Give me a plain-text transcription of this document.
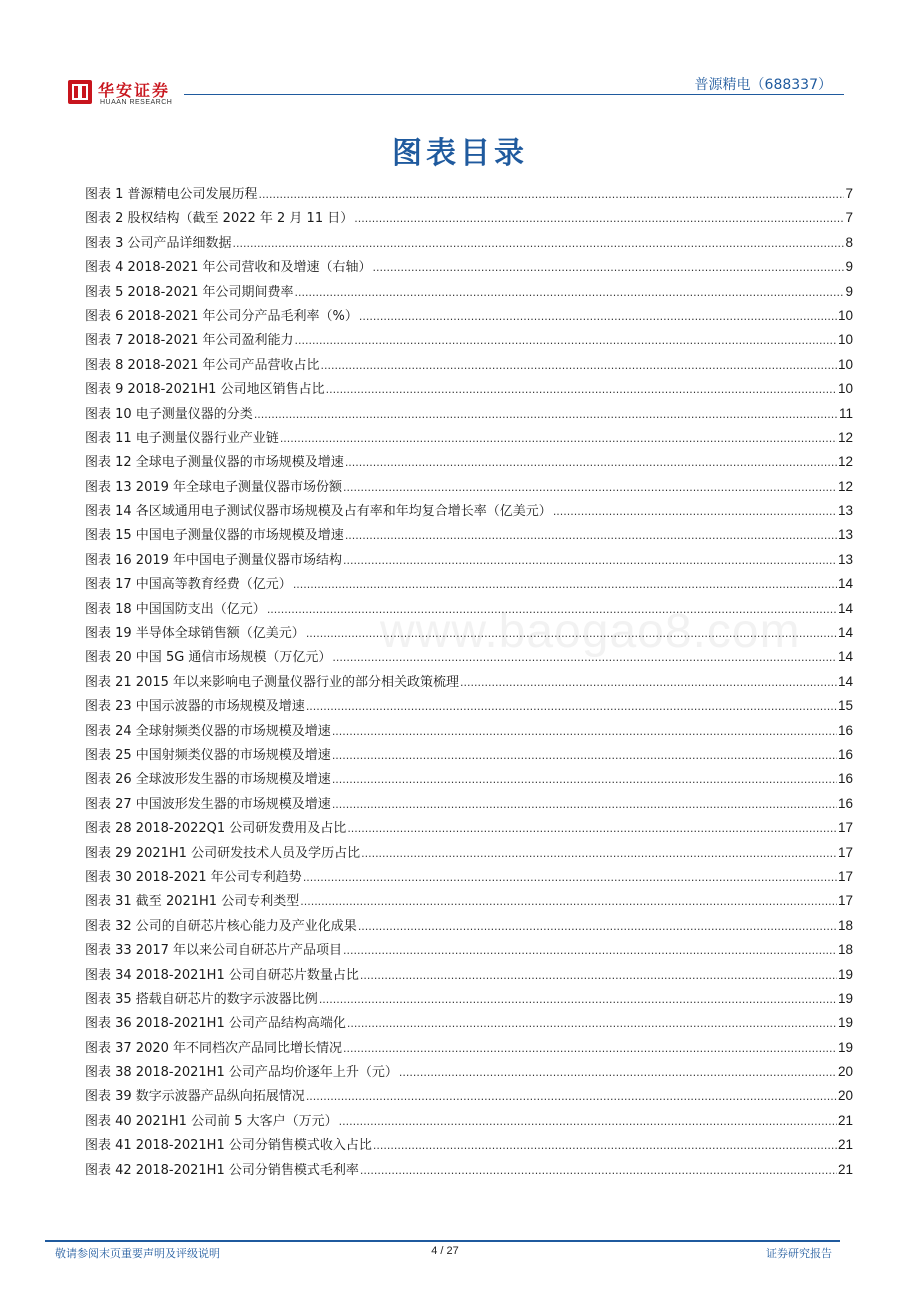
华安证券
HUAAN RESEARCH
普源精电（688337）
图表目录
www.baogao8.com
图表 1 普源精电公司发展历程 .....	7
图表 2 股权结构（截至 2022 年 2 月 11 日） .....	7
图表 3 公司产品详细数据 .....	8
图表 4 2018-2021 年公司营收和及增速（右轴） .....	9
图表 5 2018-2021 年公司期间费率 .....	9
图表 6 2018-2021 年公司分产品毛利率（%） .....	10
图表 7 2018-2021 年公司盈利能力 .....	10
图表 8 2018-2021 年公司产品营收占比 .....	10
图表 9 2018-2021H1 公司地区销售占比 .....	10
图表 10 电子测量仪器的分类 .....	11
图表 11 电子测量仪器行业产业链 .....	12
图表 12 全球电子测量仪器的市场规模及增速 .....	12
图表 13 2019 年全球电子测量仪器市场份额 .....	12
图表 14 各区域通用电子测试仪器市场规模及占有率和年均复合增长率（亿美元） .....	13
图表 15 中国电子测量仪器的市场规模及增速 .....	13
图表 16 2019 年中国电子测量仪器市场结构 .....	13
图表 17 中国高等教育经费（亿元） .....	14
图表 18 中国国防支出（亿元） .....	14
图表 19 半导体全球销售额（亿美元） .....	14
图表 20 中国 5G 通信市场规模（万亿元） .....	14
图表 21 2015 年以来影响电子测量仪器行业的部分相关政策梳理 .....	14
图表 23 中国示波器的市场规模及增速 .....	15
图表 24 全球射频类仪器的市场规模及增速 .....	16
图表 25 中国射频类仪器的市场规模及增速 .....	16
图表 26 全球波形发生器的市场规模及增速 .....	16
图表 27 中国波形发生器的市场规模及增速 .....	16
图表 28 2018-2022Q1 公司研发费用及占比 .....	17
图表 29 2021H1 公司研发技术人员及学历占比 .....	17
图表 30 2018-2021 年公司专利趋势 .....	17
图表 31 截至 2021H1 公司专利类型 .....	17
图表 32 公司的自研芯片核心能力及产业化成果 .....	18
图表 33 2017 年以来公司自研芯片产品项目 .....	18
图表 34 2018-2021H1 公司自研芯片数量占比 .....	19
图表 35 搭载自研芯片的数字示波器比例 .....	19
图表 36 2018-2021H1 公司产品结构高端化 .....	19
图表 37 2020 年不同档次产品同比增长情况 .....	19
图表 38 2018-2021H1 公司产品均价逐年上升（元） .....	20
图表 39 数字示波器产品纵向拓展情况 .....	20
图表 40 2021H1 公司前 5 大客户（万元） .....	21
图表 41 2018-2021H1 公司分销售模式收入占比 .....	21
图表 42 2018-2021H1 公司分销售模式毛利率 .....	21
敬请参阅末页重要声明及评级说明	4 / 27	证券研究报告
